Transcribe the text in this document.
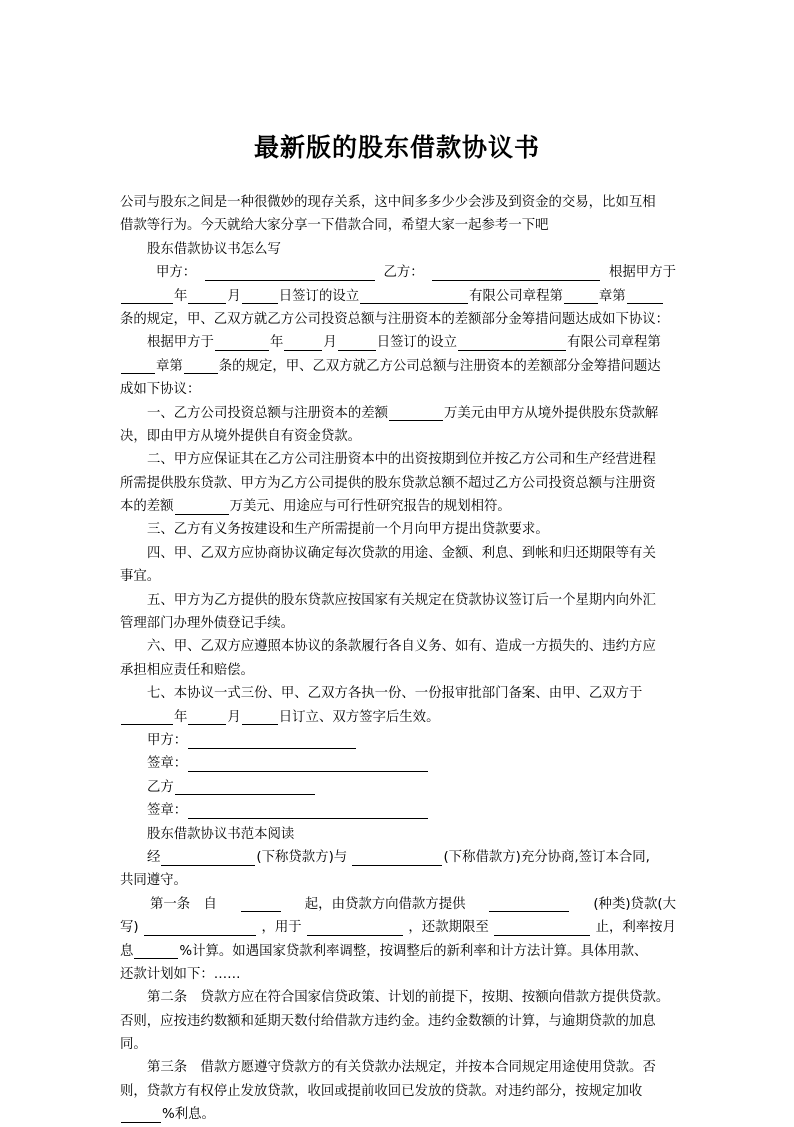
最新版的股东借款协议书
公司与股东之间是一种很微妙的现存关系，这中间多多少少会涉及到资金的交易，比如互相
借款等行为。今天就给大家分享一下借款合同，希望大家一起参考一下吧
股东借款协议书怎么写
甲方：	乙方：	根据甲方于
年	月	日签订的设立	有限公司章程第	章第
条的规定，甲、乙双方就乙方公司投资总额与注册资本的差额部分金筹措问题达成如下协议：
根据甲方于	年	月	日签订的设立	有限公司章程第
章第	条的规定，甲、乙双方就乙方公司总额与注册资本的差额部分金筹措问题达
成如下协议：
一、乙方公司投资总额与注册资本的差额	万美元由甲方从境外提供股东贷款解
决，即由甲方从境外提供自有资金贷款。
二、甲方应保证其在乙方公司注册资本中的出资按期到位并按乙方公司和生产经营进程
所需提供股东贷款、甲方为乙方公司提供的股东贷款总额不超过乙方公司投资总额与注册资
本的差额	万美元、用途应与可行性研究报告的规划相符。
三、乙方有义务按建设和生产所需提前一个月向甲方提出贷款要求。
四、甲、乙双方应协商协议确定每次贷款的用途、金额、利息、到帐和归还期限等有关
事宜。
五、甲方为乙方提供的股东贷款应按国家有关规定在贷款协议签订后一个星期内向外汇
管理部门办理外债登记手续。
六、甲、乙双方应遵照本协议的条款履行各自义务、如有、造成一方损失的、违约方应
承担相应责任和赔偿。
七、本协议一式三份、甲、乙双方各执一份、一份报审批部门备案、由甲、乙双方于
年	月	日订立、双方签字后生效。
甲方：
签章：
乙方
签章：
股东借款协议书范本阅读
经	(下称贷款方)与	(下称借款方)充分协商,签订本合同,
共同遵守。
第一条　自	起，由贷款方向借款方提供	(种类)贷款(大
写)	，用于	，还款期限至	止，利率按月
息	%计算。如遇国家贷款利率调整，按调整后的新利率和计方法计算。具体用款、
还款计划如下：……
第二条　贷款方应在符合国家信贷政策、计划的前提下，按期、按额向借款方提供贷款。
否则，应按违约数额和延期天数付给借款方违约金。违约金数额的计算，与逾期贷款的加息
同。
第三条　借款方愿遵守贷款方的有关贷款办法规定，并按本合同规定用途使用贷款。否
则，贷款方有权停止发放贷款，收回或提前收回已发放的贷款。对违约部分，按规定加收
%利息。
